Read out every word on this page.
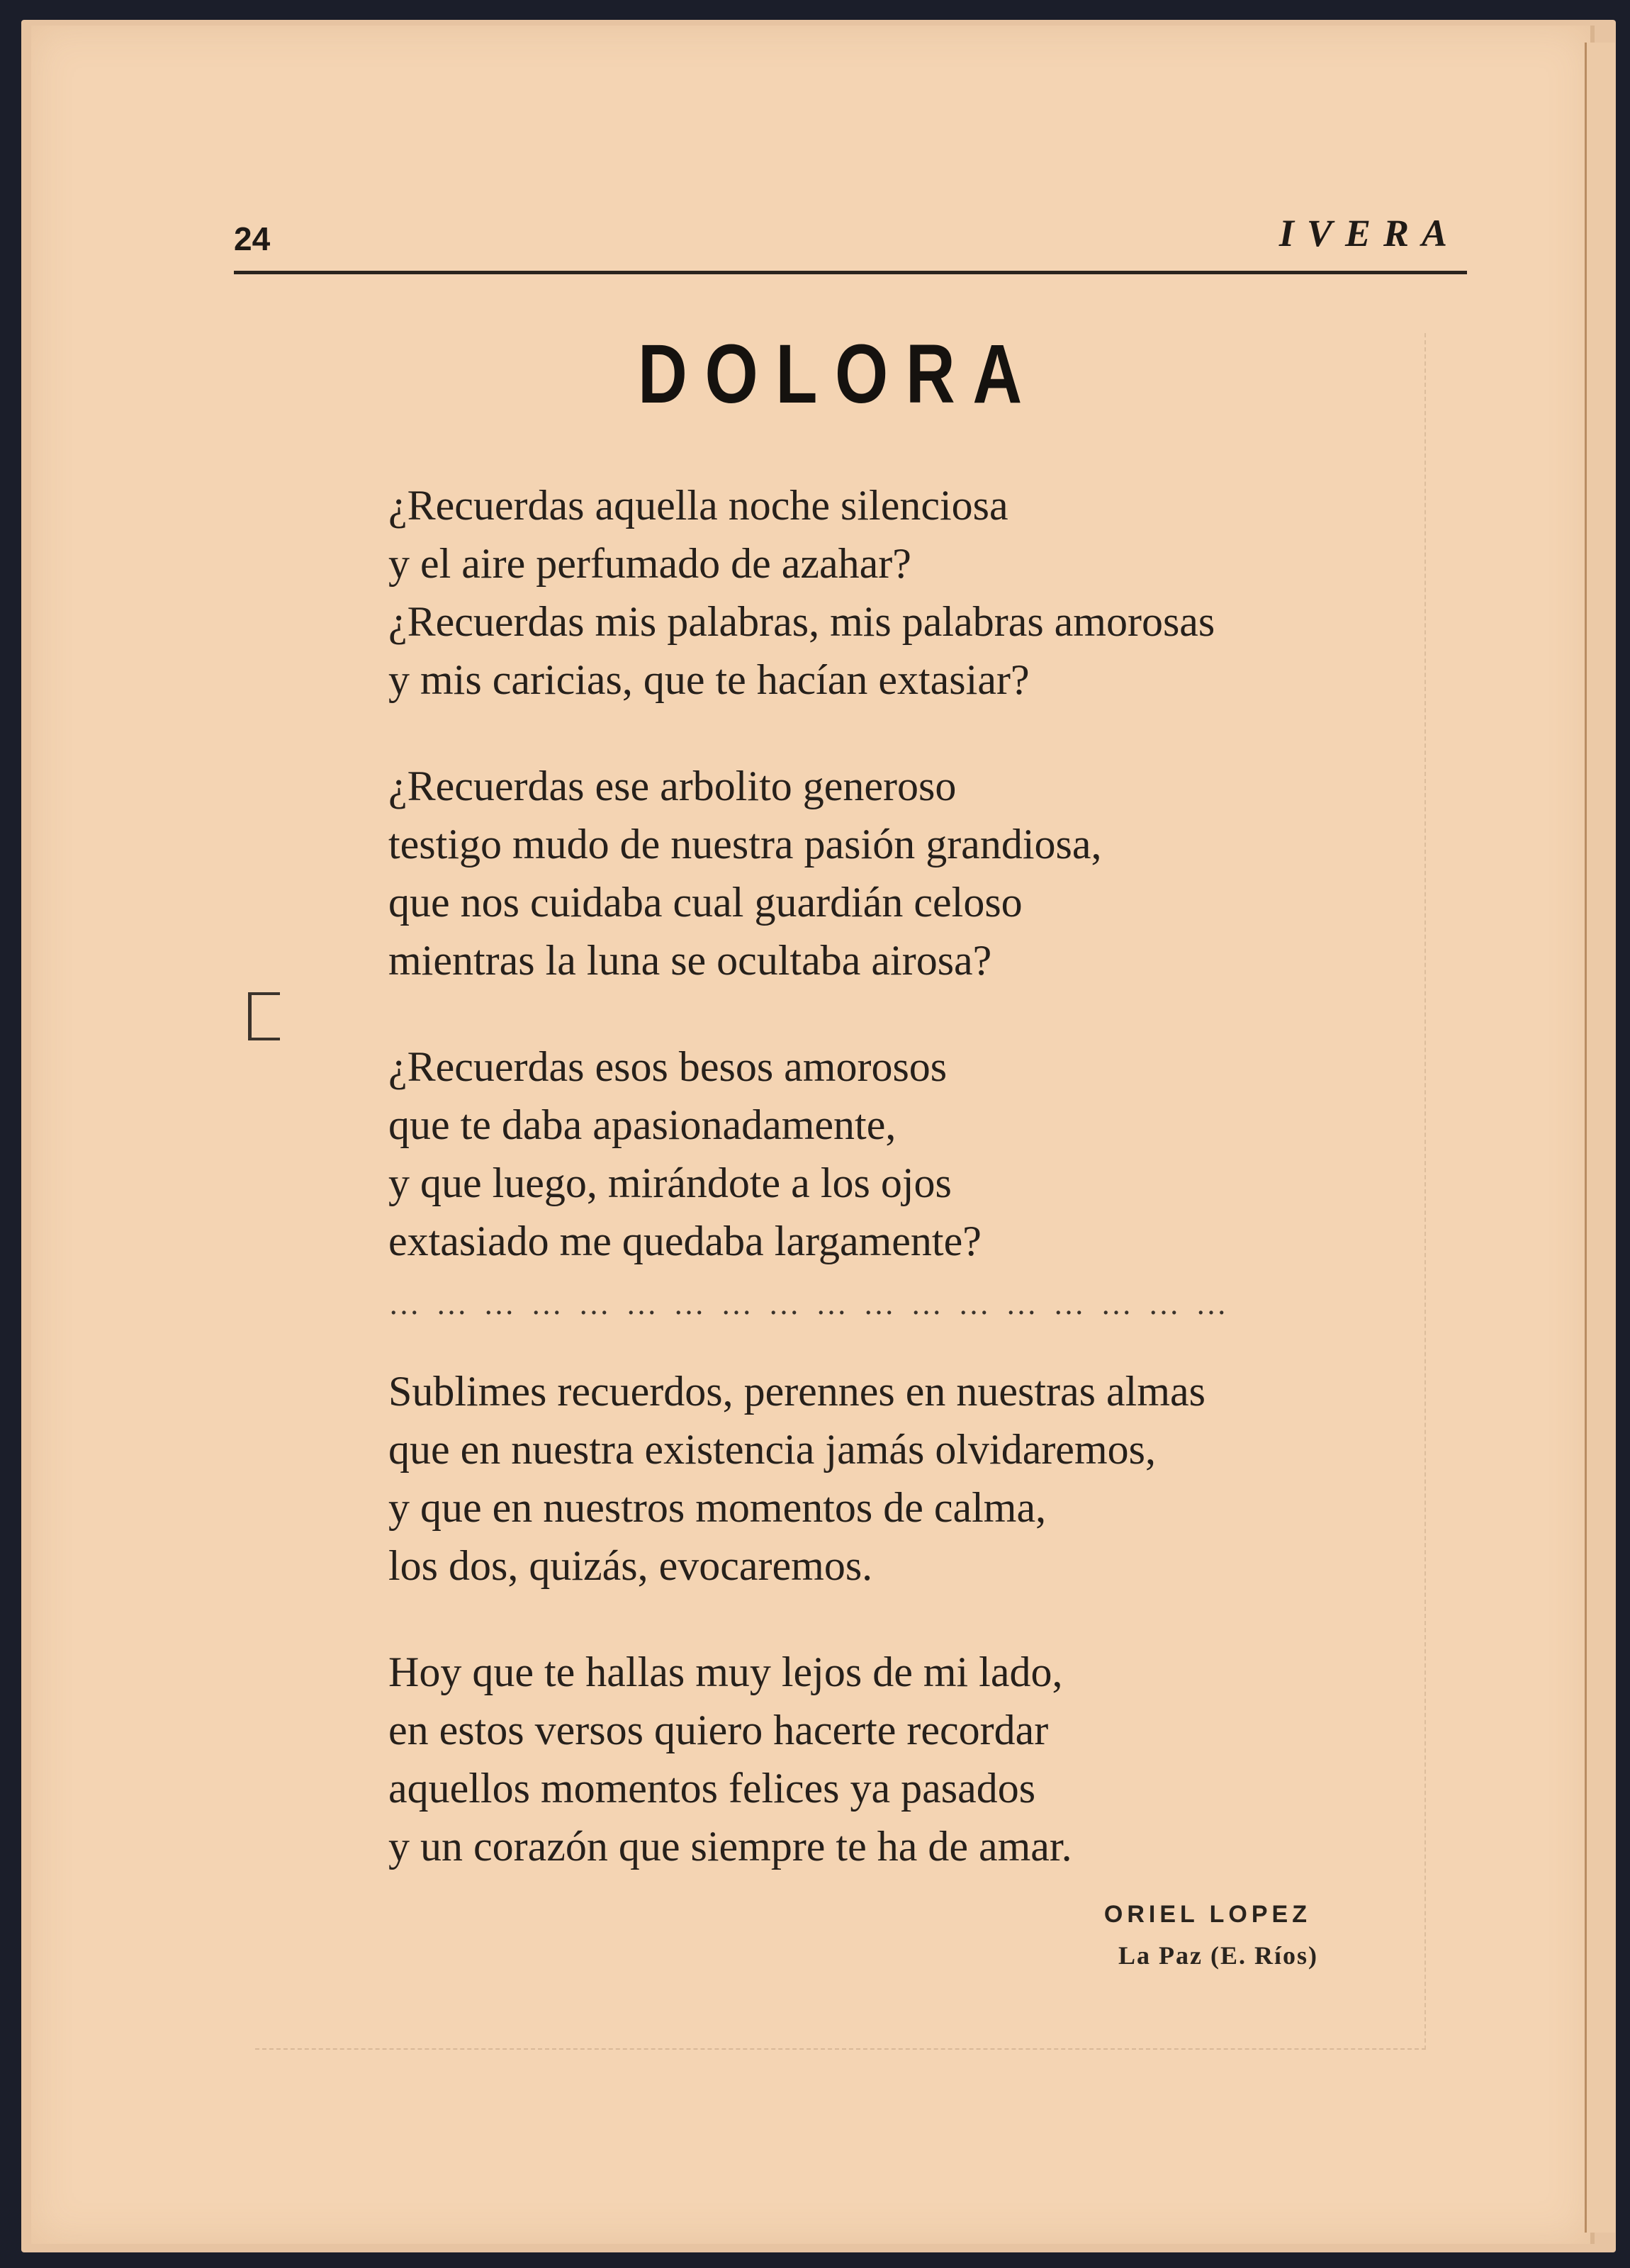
24	IVERA
DOLORA
¿Recuerdas aquella noche silenciosa
y el aire perfumado de azahar?
¿Recuerdas mis palabras, mis palabras amorosas
y mis caricias, que te hacían extasiar?
¿Recuerdas ese arbolito generoso
testigo mudo de nuestra pasión grandiosa,
que nos cuidaba cual guardián celoso
mientras la luna se ocultaba airosa?
¿Recuerdas esos besos amorosos
que te daba apasionadamente,
y que luego, mirándote a los ojos
extasiado me quedaba largamente?
… … … … … … … … … … … … … … … … … …
Sublimes recuerdos, perennes en nuestras almas
que en nuestra existencia jamás olvidaremos,
y que en nuestros momentos de calma,
los dos, quizás, evocaremos.
Hoy que te hallas muy lejos de mi lado,
en estos versos quiero hacerte recordar
aquellos momentos felices ya pasados
y un corazón que siempre te ha de amar.
ORIEL LOPEZ
La Paz (E. Ríos)
